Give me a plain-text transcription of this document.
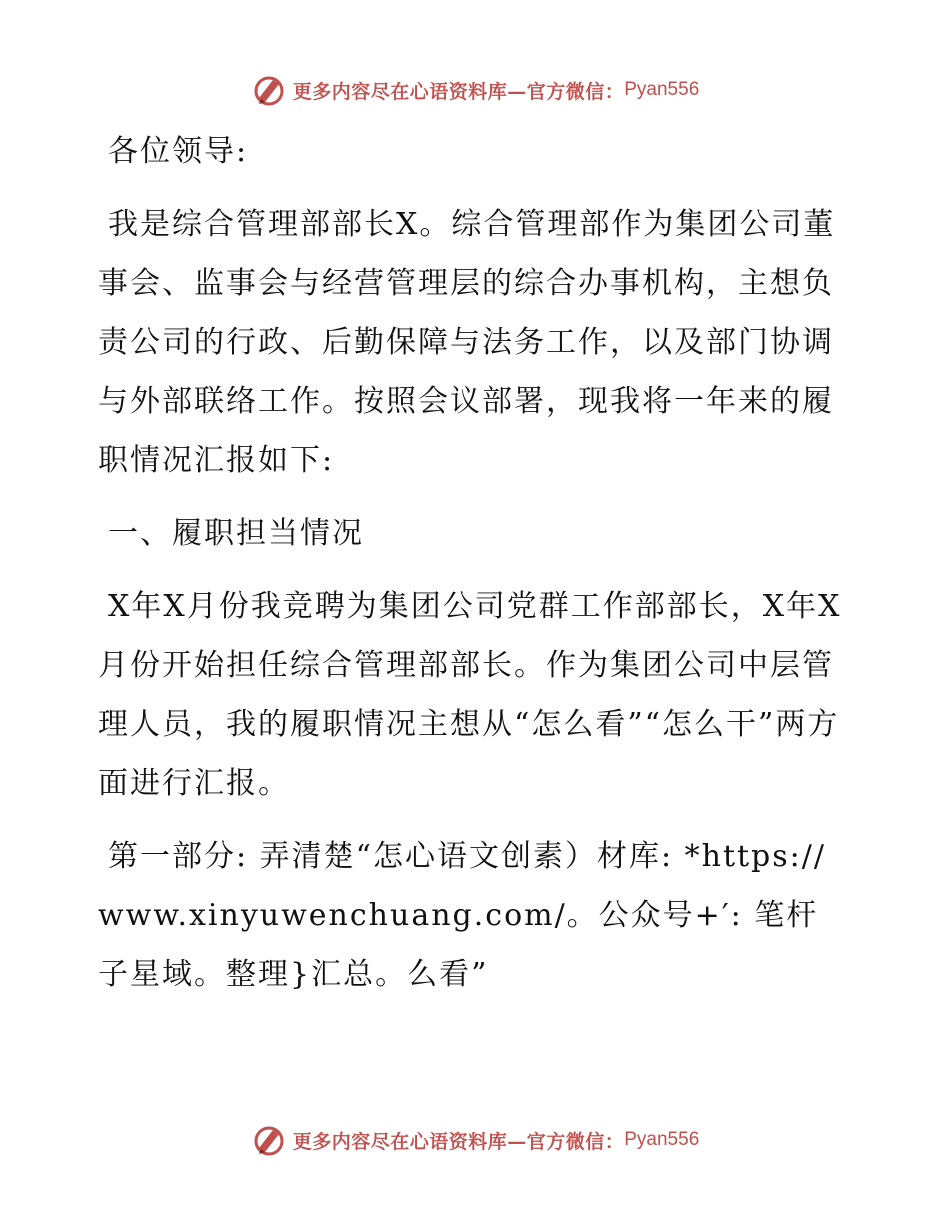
更多内容尽在心语资料库—官方微信： Pyan556

各位领导:

我是综合管理部部长X。综合管理部作为集团公司董事会、监事会与经营管理层的综合办事机构，主想负责公司的行政、后勤保障与法务工作，以及部门协调与外部联络工作。按照会议部署，现我将一年来的履职情况汇报如下:

一、履职担当情况

X年X月份我竞聘为集团公司党群工作部部长，X年X月份开始担任综合管理部部长。作为集团公司中层管理人员，我的履职情况主想从“怎么看”“怎么干”两方面进行汇报。

第一部分: 弄清楚“怎心语文创素）材库: *https://www.xinyuwenchuang.com/。公众号+′: 笔杆子星域。整理}汇总。么看”

更多内容尽在心语资料库—官方微信： Pyan556
